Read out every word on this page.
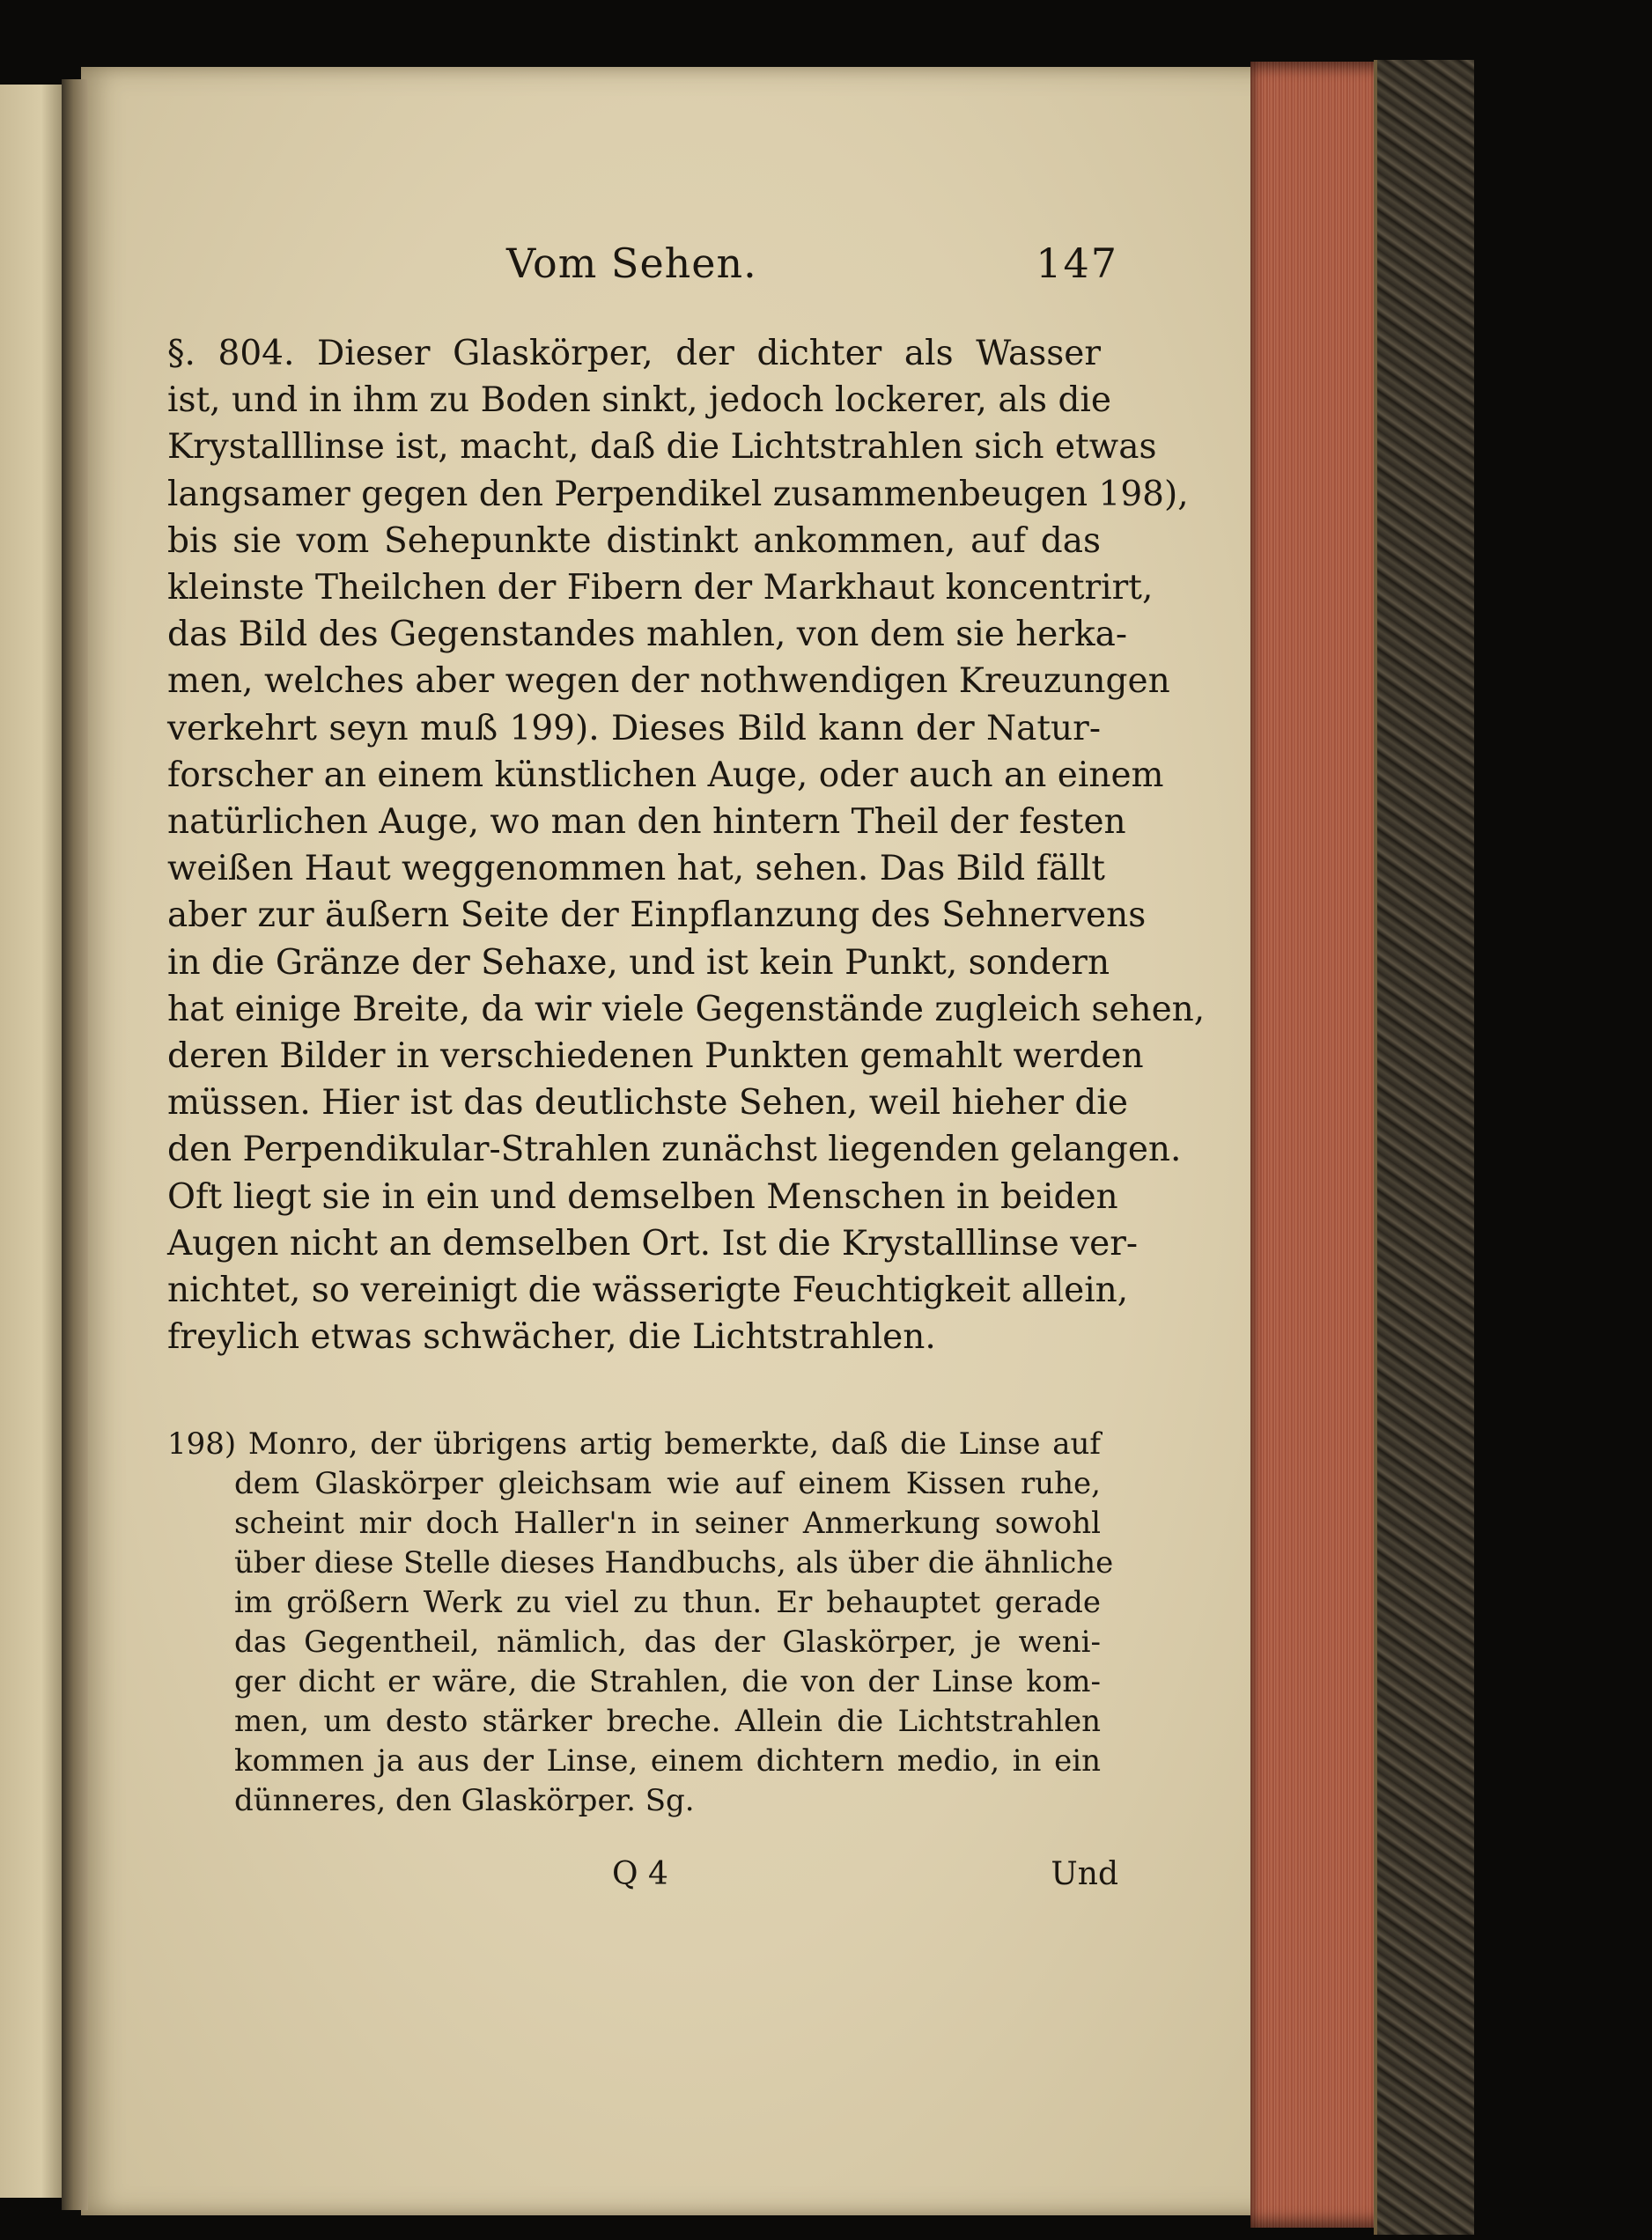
Vom Sehen.	147
§. 804. Dieser Glaskörper, der dichter als Wasser
ist, und in ihm zu Boden sinkt, jedoch lockerer, als die
Krystalllinse ist, macht, daß die Lichtstrahlen sich etwas
langsamer gegen den Perpendikel zusammenbeugen 198),
bis sie vom Sehepunkte distinkt ankommen, auf das
kleinste Theilchen der Fibern der Markhaut koncentrirt,
das Bild des Gegenstandes mahlen, von dem sie herka-
men, welches aber wegen der nothwendigen Kreuzungen
verkehrt seyn muß 199). Dieses Bild kann der Natur-
forscher an einem künstlichen Auge, oder auch an einem
natürlichen Auge, wo man den hintern Theil der festen
weißen Haut weggenommen hat, sehen. Das Bild fällt
aber zur äußern Seite der Einpflanzung des Sehnervens
in die Gränze der Sehaxe, und ist kein Punkt, sondern
hat einige Breite, da wir viele Gegenstände zugleich sehen,
deren Bilder in verschiedenen Punkten gemahlt werden
müssen. Hier ist das deutlichste Sehen, weil hieher die
den Perpendikular-Strahlen zunächst liegenden gelangen.
Oft liegt sie in ein und demselben Menschen in beiden
Augen nicht an demselben Ort. Ist die Krystalllinse ver-
nichtet, so vereinigt die wässerigte Feuchtigkeit allein,
freylich etwas schwächer, die Lichtstrahlen.
198) Monro, der übrigens artig bemerkte, daß die Linse auf
dem Glaskörper gleichsam wie auf einem Kissen ruhe,
scheint mir doch Haller'n in seiner Anmerkung sowohl
über diese Stelle dieses Handbuchs, als über die ähnliche
im größern Werk zu viel zu thun. Er behauptet gerade
das Gegentheil, nämlich, das der Glaskörper, je weni-
ger dicht er wäre, die Strahlen, die von der Linse kom-
men, um desto stärker breche. Allein die Lichtstrahlen
kommen ja aus der Linse, einem dichtern medio, in ein
dünneres, den Glaskörper. Sg.
Q 4	Und
